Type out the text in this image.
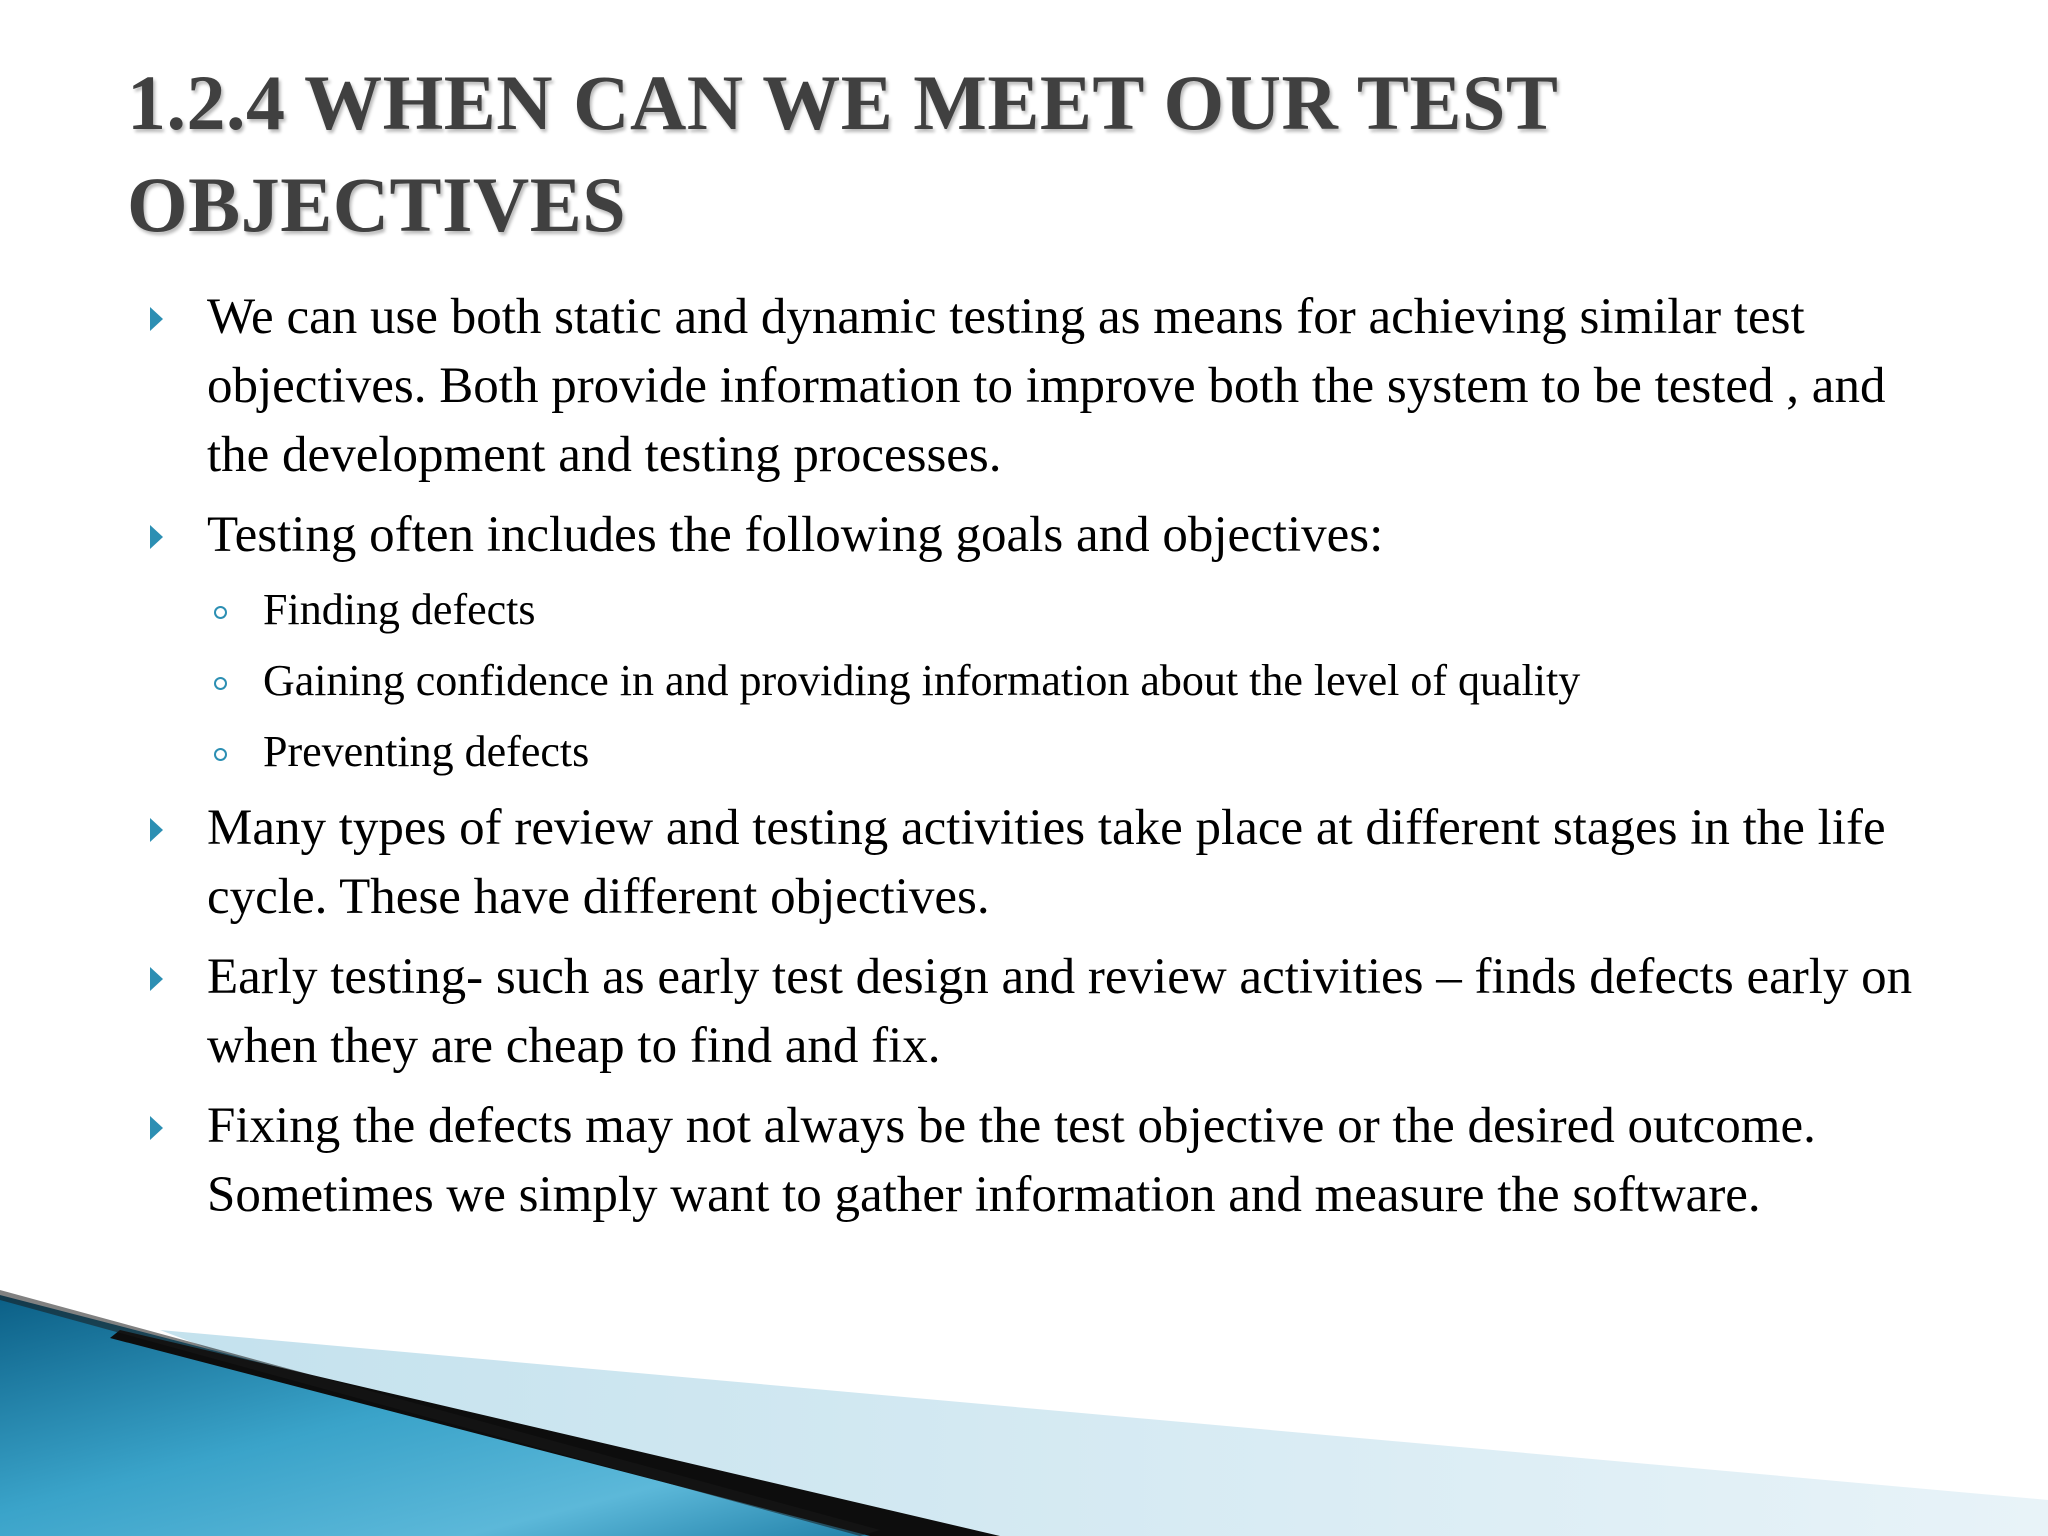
1.2.4 WHEN CAN WE MEET OUR TEST OBJECTIVES
We can use both static and dynamic testing as means for achieving similar test objectives. Both provide information to improve both the system to be tested , and the development and testing processes.
Testing often includes the following goals and objectives:
Finding defects
Gaining confidence in and providing information about the level of quality
Preventing defects
Many types of review and testing activities take place at different stages in the life cycle. These have different objectives.
Early testing- such as early test design and review activities – finds defects early on when they are cheap to find and fix.
Fixing the defects may not always be the test objective or the desired outcome. Sometimes we simply want to gather information and measure the software.
